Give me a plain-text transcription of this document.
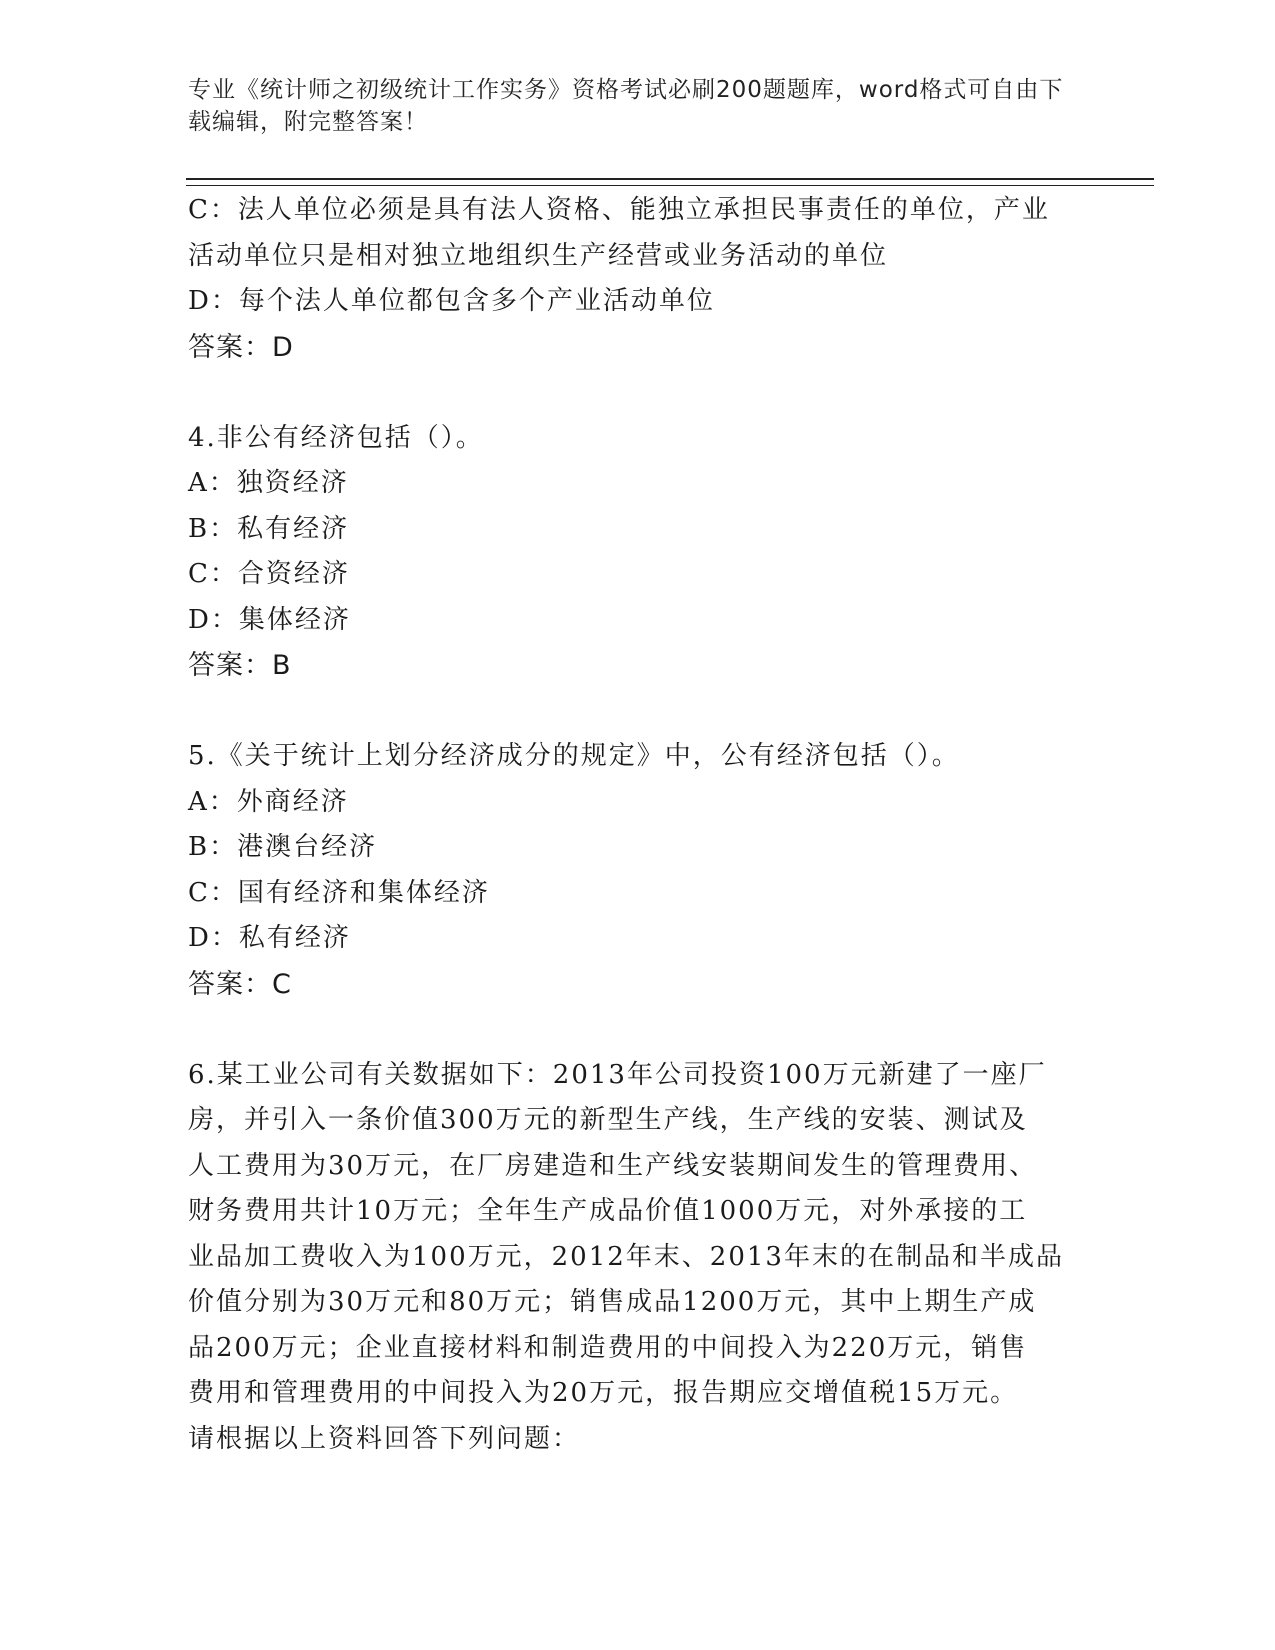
专业《统计师之初级统计工作实务》资格考试必刷200题题库，word格式可自由下载编辑，附完整答案！

C：法人单位必须是具有法人资格、能独立承担民事责任的单位，产业

活动单位只是相对独立地组织生产经营或业务活动的单位

D：每个法人单位都包含多个产业活动单位

答案：D

4.非公有经济包括（）。

A：独资经济

B：私有经济

C：合资经济

D：集体经济

答案：B

5.《关于统计上划分经济成分的规定》中，公有经济包括（）。

A：外商经济

B：港澳台经济

C：国有经济和集体经济

D：私有经济

答案：C

6.某工业公司有关数据如下：2013年公司投资100万元新建了一座厂

房，并引入一条价值300万元的新型生产线，生产线的安装、测试及

人工费用为30万元，在厂房建造和生产线安装期间发生的管理费用、

财务费用共计10万元；全年生产成品价值1000万元，对外承接的工

业品加工费收入为100万元，2012年末、2013年末的在制品和半成品

价值分别为30万元和80万元；销售成品1200万元，其中上期生产成

品200万元；企业直接材料和制造费用的中间投入为220万元，销售

费用和管理费用的中间投入为20万元，报告期应交增值税15万元。

请根据以上资料回答下列问题：
